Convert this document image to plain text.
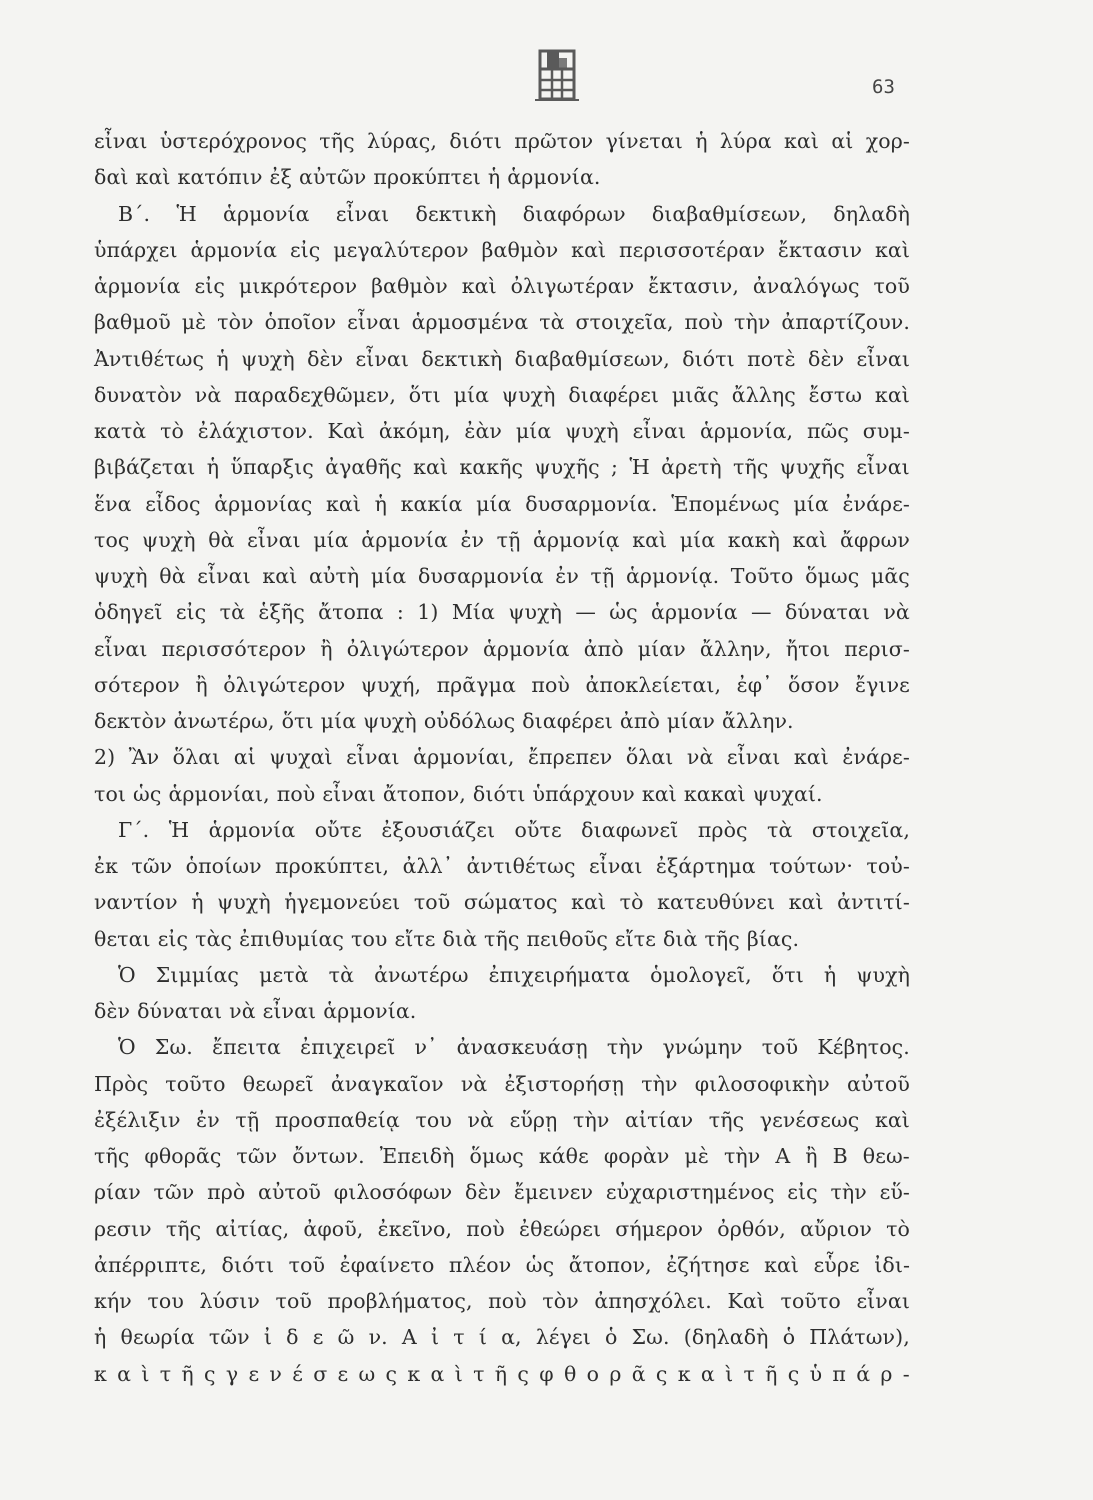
63
εἶναι ὑστερόχρονος τῆς λύρας, διότι πρῶτον γίνεται ἡ λύρα καὶ αἱ χορ-
δαὶ καὶ κατόπιν ἐξ αὐτῶν προκύπτει ἡ ἁρμονία.
Β΄. Ἡ ἁρμονία εἶναι δεκτικὴ διαφόρων διαβαθμίσεων, δηλαδὴ
ὑπάρχει ἁρμονία εἰς μεγαλύτερον βαθμὸν καὶ περισσοτέραν ἔκτασιν καὶ
ἁρμονία εἰς μικρότερον βαθμὸν καὶ ὀλιγωτέραν ἔκτασιν, ἀναλόγως τοῦ
βαθμοῦ μὲ τὸν ὁποῖον εἶναι ἁρμοσμένα τὰ στοιχεῖα, ποὺ τὴν ἀπαρτίζουν.
Ἀντιθέτως ἡ ψυχὴ δὲν εἶναι δεκτικὴ διαβαθμίσεων, διότι ποτὲ δὲν εἶναι
δυνατὸν νὰ παραδεχθῶμεν, ὅτι μία ψυχὴ διαφέρει μιᾶς ἄλλης ἔστω καὶ
κατὰ τὸ ἐλάχιστον. Καὶ ἀκόμη, ἐὰν μία ψυχὴ εἶναι ἁρμονία, πῶς συμ-
βιβάζεται ἡ ὕπαρξις ἀγαθῆς καὶ κακῆς ψυχῆς ; Ἡ ἀρετὴ τῆς ψυχῆς εἶναι
ἕνα εἶδος ἁρμονίας καὶ ἡ κακία μία δυσαρμονία. Ἑπομένως μία ἐνάρε-
τος ψυχὴ θὰ εἶναι μία ἁρμονία ἐν τῇ ἁρμονίᾳ καὶ μία κακὴ καὶ ἄφρων
ψυχὴ θὰ εἶναι καὶ αὐτὴ μία δυσαρμονία ἐν τῇ ἁρμονίᾳ. Τοῦτο ὅμως μᾶς
ὁδηγεῖ εἰς τὰ ἑξῆς ἄτοπα : 1) Μία ψυχὴ — ὡς ἁρμονία — δύναται νὰ
εἶναι περισσότερον ἢ ὀλιγώτερον ἁρμονία ἀπὸ μίαν ἄλλην, ἤτοι περισ-
σότερον ἢ ὀλιγώτερον ψυχή, πρᾶγμα ποὺ ἀποκλείεται, ἐφ᾽ ὅσον ἔγινε
δεκτὸν ἀνωτέρω, ὅτι μία ψυχὴ οὐδόλως διαφέρει ἀπὸ μίαν ἄλλην.
2) Ἂν ὅλαι αἱ ψυχαὶ εἶναι ἁρμονίαι, ἔπρεπεν ὅλαι νὰ εἶναι καὶ ἐνάρε-
τοι ὡς ἁρμονίαι, ποὺ εἶναι ἄτοπον, διότι ὑπάρχουν καὶ κακαὶ ψυχαί.
Γ΄. Ἡ ἁρμονία οὔτε ἐξουσιάζει οὔτε διαφωνεῖ πρὸς τὰ στοιχεῖα,
ἐκ τῶν ὁποίων προκύπτει, ἀλλ᾽ ἀντιθέτως εἶναι ἐξάρτημα τούτων· τοὐ-
ναντίον ἡ ψυχὴ ἡγεμονεύει τοῦ σώματος καὶ τὸ κατευθύνει καὶ ἀντιτί-
θεται εἰς τὰς ἐπιθυμίας του εἴτε διὰ τῆς πειθοῦς εἴτε διὰ τῆς βίας.
Ὁ Σιμμίας μετὰ τὰ ἀνωτέρω ἐπιχειρήματα ὁμολογεῖ, ὅτι ἡ ψυχὴ
δὲν δύναται νὰ εἶναι ἁρμονία.
Ὁ Σω. ἔπειτα ἐπιχειρεῖ ν᾽ ἀνασκευάσῃ τὴν γνώμην τοῦ Κέβητος.
Πρὸς τοῦτο θεωρεῖ ἀναγκαῖον νὰ ἐξιστορήσῃ τὴν φιλοσοφικὴν αὐτοῦ
ἐξέλιξιν ἐν τῇ προσπαθείᾳ του νὰ εὕρῃ τὴν αἰτίαν τῆς γενέσεως καὶ
τῆς φθορᾶς τῶν ὄντων. Ἐπειδὴ ὅμως κάθε φορὰν μὲ τὴν Α ἢ Β θεω-
ρίαν τῶν πρὸ αὐτοῦ φιλοσόφων δὲν ἔμεινεν εὐχαριστημένος εἰς τὴν εὕ-
ρεσιν τῆς αἰτίας, ἀφοῦ, ἐκεῖνο, ποὺ ἐθεώρει σήμερον ὀρθόν, αὔριον τὸ
ἀπέρριπτε, διότι τοῦ ἐφαίνετο πλέον ὡς ἄτοπον, ἐζήτησε καὶ εὗρε ἰδι-
κήν του λύσιν τοῦ προβλήματος, ποὺ τὸν ἀπησχόλει. Καὶ τοῦτο εἶναι
ἡ θεωρία τῶν ἰ δ ε ῶ ν. Α ἰ τ ί α, λέγει ὁ Σω. (δηλαδὴ ὁ Πλάτων),
κ α ὶ τ ῆ ς γ ε ν έ σ ε ω ς κ α ὶ τ ῆ ς φ θ ο ρ ᾶ ς κ α ὶ τ ῆ ς ὑ π ά ρ -
